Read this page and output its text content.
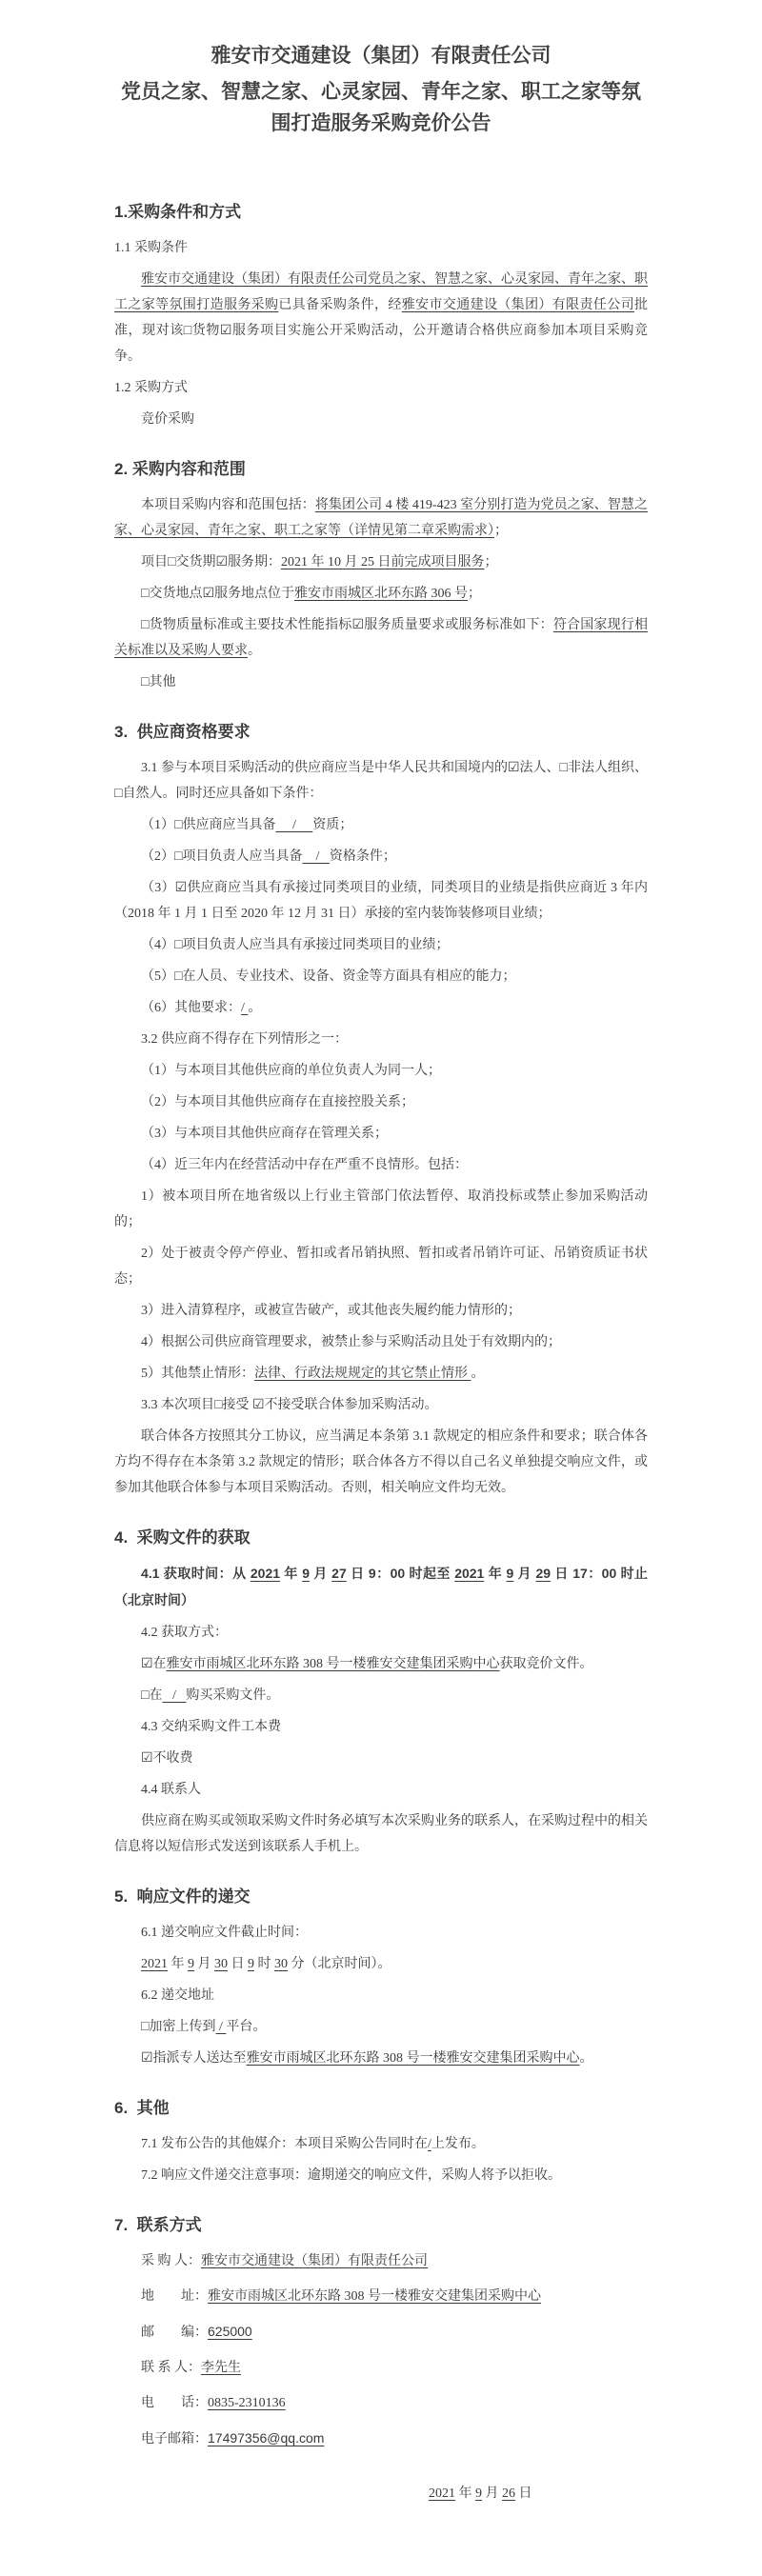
雅安市交通建设（集团）有限责任公司
党员之家、智慧之家、心灵家园、青年之家、职工之家等氛围打造服务采购竞价公告
1.采购条件和方式
1.1 采购条件
雅安市交通建设（集团）有限责任公司党员之家、智慧之家、心灵家园、青年之家、职工之家等氛围打造服务采购已具备采购条件，经雅安市交通建设（集团）有限责任公司批准，现对该□货物☑服务项目实施公开采购活动，公开邀请合格供应商参加本项目采购竞争。
1.2 采购方式
竞价采购
2. 采购内容和范围
本项目采购内容和范围包括：将集团公司 4 楼 419-423 室分别打造为党员之家、智慧之家、心灵家园、青年之家、职工之家等（详情见第二章采购需求）；
项目□交货期☑服务期：2021 年 10 月 25 日前完成项目服务；
□交货地点☑服务地点位于雅安市雨城区北环东路 306 号；
□货物质量标准或主要技术性能指标☑服务质量要求或服务标准如下：符合国家现行相关标准以及采购人要求。
□其他
3.  供应商资格要求
3.1 参与本项目采购活动的供应商应当是中华人民共和国境内的☑法人、□非法人组织、□自然人。同时还应具备如下条件：
（1）□供应商应当具备     /     资质；
（2）□项目负责人应当具备    /   资格条件；
（3）☑供应商应当具有承接过同类项目的业绩，同类项目的业绩是指供应商近 3 年内（2018 年 1 月 1 日至 2020 年 12 月 31 日）承接的室内装饰装修项目业绩；
（4）□项目负责人应当具有承接过同类项目的业绩；
（5）□在人员、专业技术、设备、资金等方面具有相应的能力；
（6）其他要求：/ 。
3.2 供应商不得存在下列情形之一：
（1）与本项目其他供应商的单位负责人为同一人；
（2）与本项目其他供应商存在直接控股关系；
（3）与本项目其他供应商存在管理关系；
（4）近三年内在经营活动中存在严重不良情形。包括：
1）被本项目所在地省级以上行业主管部门依法暂停、取消投标或禁止参加采购活动的；
2）处于被责令停产停业、暂扣或者吊销执照、暂扣或者吊销许可证、吊销资质证书状态；
3）进入清算程序，或被宣告破产，或其他丧失履约能力情形的；
4）根据公司供应商管理要求，被禁止参与采购活动且处于有效期内的；
5）其他禁止情形：法律、行政法规规定的其它禁止情形 。
3.3 本次项目□接受 ☑不接受联合体参加采购活动。
联合体各方按照其分工协议，应当满足本条第 3.1 款规定的相应条件和要求；联合体各方均不得存在本条第 3.2 款规定的情形；联合体各方不得以自己名义单独提交响应文件，或参加其他联合体参与本项目采购活动。否则，相关响应文件均无效。
4.  采购文件的获取
4.1 获取时间：从 2021 年 9 月 27 日 9：00 时起至 2021 年 9 月 29 日 17：00 时止（北京时间）
4.2 获取方式：
☑在雅安市雨城区北环东路 308 号一楼雅安交建集团采购中心获取竞价文件。
□在   /   购买采购文件。
4.3 交纳采购文件工本费
☑不收费
4.4 联系人
供应商在购买或领取采购文件时务必填写本次采购业务的联系人，在采购过程中的相关信息将以短信形式发送到该联系人手机上。
5.  响应文件的递交
6.1 递交响应文件截止时间：
2021 年 9 月 30 日 9 时 30 分（北京时间）。
6.2 递交地址
□加密上传到 / 平台。
☑指派专人送达至雅安市雨城区北环东路 308 号一楼雅安交建集团采购中心。
6.  其他
7.1 发布公告的其他媒介：本项目采购公告同时在/上发布。
7.2 响应文件递交注意事项：逾期递交的响应文件，采购人将予以拒收。
7.  联系方式
采 购 人：雅安市交通建设（集团）有限责任公司
地　　址：雅安市雨城区北环东路 308 号一楼雅安交建集团采购中心
邮　　编：625000
联 系 人：李先生
电　　话：0835-2310136
电子邮箱：17497356@qq.com
2021 年 9 月 26 日
